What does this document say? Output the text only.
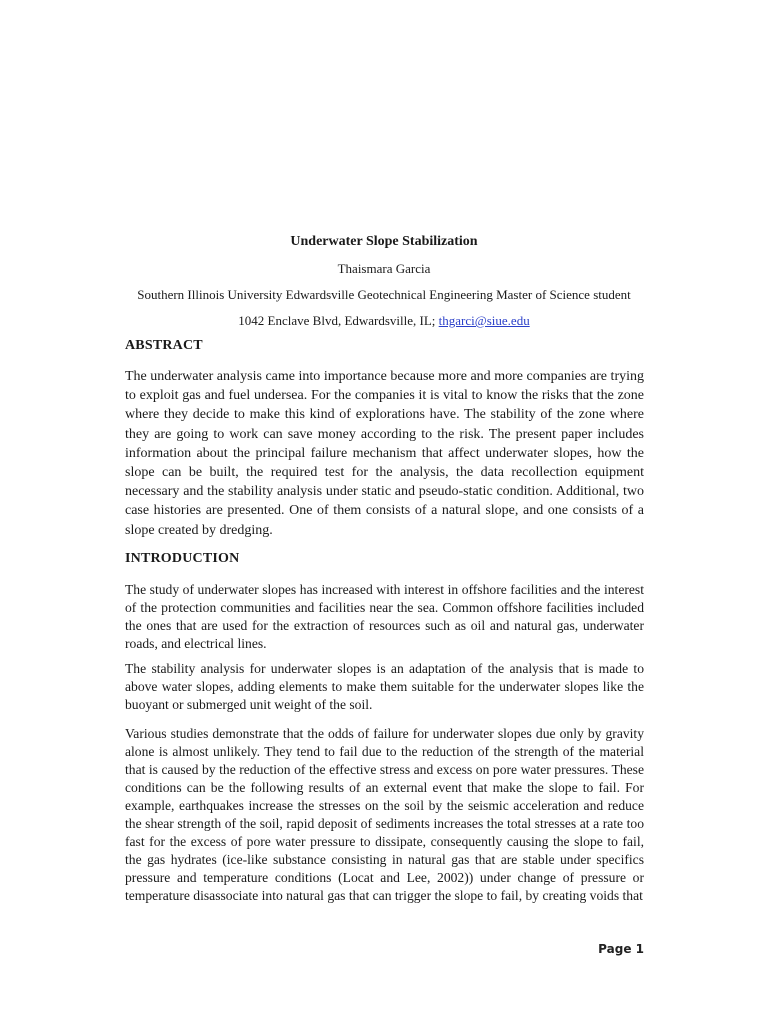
Underwater Slope Stabilization
Thaismara Garcia
Southern Illinois University Edwardsville Geotechnical Engineering Master of Science student
1042 Enclave Blvd, Edwardsville, IL; thgarci@siue.edu
ABSTRACT

The underwater analysis came into importance because more and more companies are trying to exploit gas and fuel undersea. For the companies it is vital to know the risks that the zone where they decide to make this kind of explorations have. The stability of the zone where they are going to work can save money according to the risk. The present paper includes information about the principal failure mechanism that affect underwater slopes, how the slope can be built, the required test for the analysis, the data recollection equipment necessary and the stability analysis under static and pseudo-static condition. Additional, two case histories are presented. One of them consists of a natural slope, and one consists of a slope created by dredging.

INTRODUCTION

The study of underwater slopes has increased with interest in offshore facilities and the interest of the protection communities and facilities near the sea. Common offshore facilities included the ones that are used for the extraction of resources such as oil and natural gas, underwater roads, and electrical lines.

The stability analysis for underwater slopes is an adaptation of the analysis that is made to above water slopes, adding elements to make them suitable for the underwater slopes like the buoyant or submerged unit weight of the soil.

Various studies demonstrate that the odds of failure for underwater slopes due only by gravity alone is almost unlikely. They tend to fail due to the reduction of the strength of the material that is caused by the reduction of the effective stress and excess on pore water pressures. These conditions can be the following results of an external event that make the slope to fail. For example, earthquakes increase the stresses on the soil by the seismic acceleration and reduce the shear strength of the soil, rapid deposit of sediments increases the total stresses at a rate too fast for the excess of pore water pressure to dissipate, consequently causing the slope to fail, the gas hydrates (ice-like substance consisting in natural gas that are stable under specifics pressure and temperature conditions (Locat and Lee, 2002)) under change of pressure or temperature disassociate into natural gas that can trigger the slope to fail, by creating voids that

Page 1
